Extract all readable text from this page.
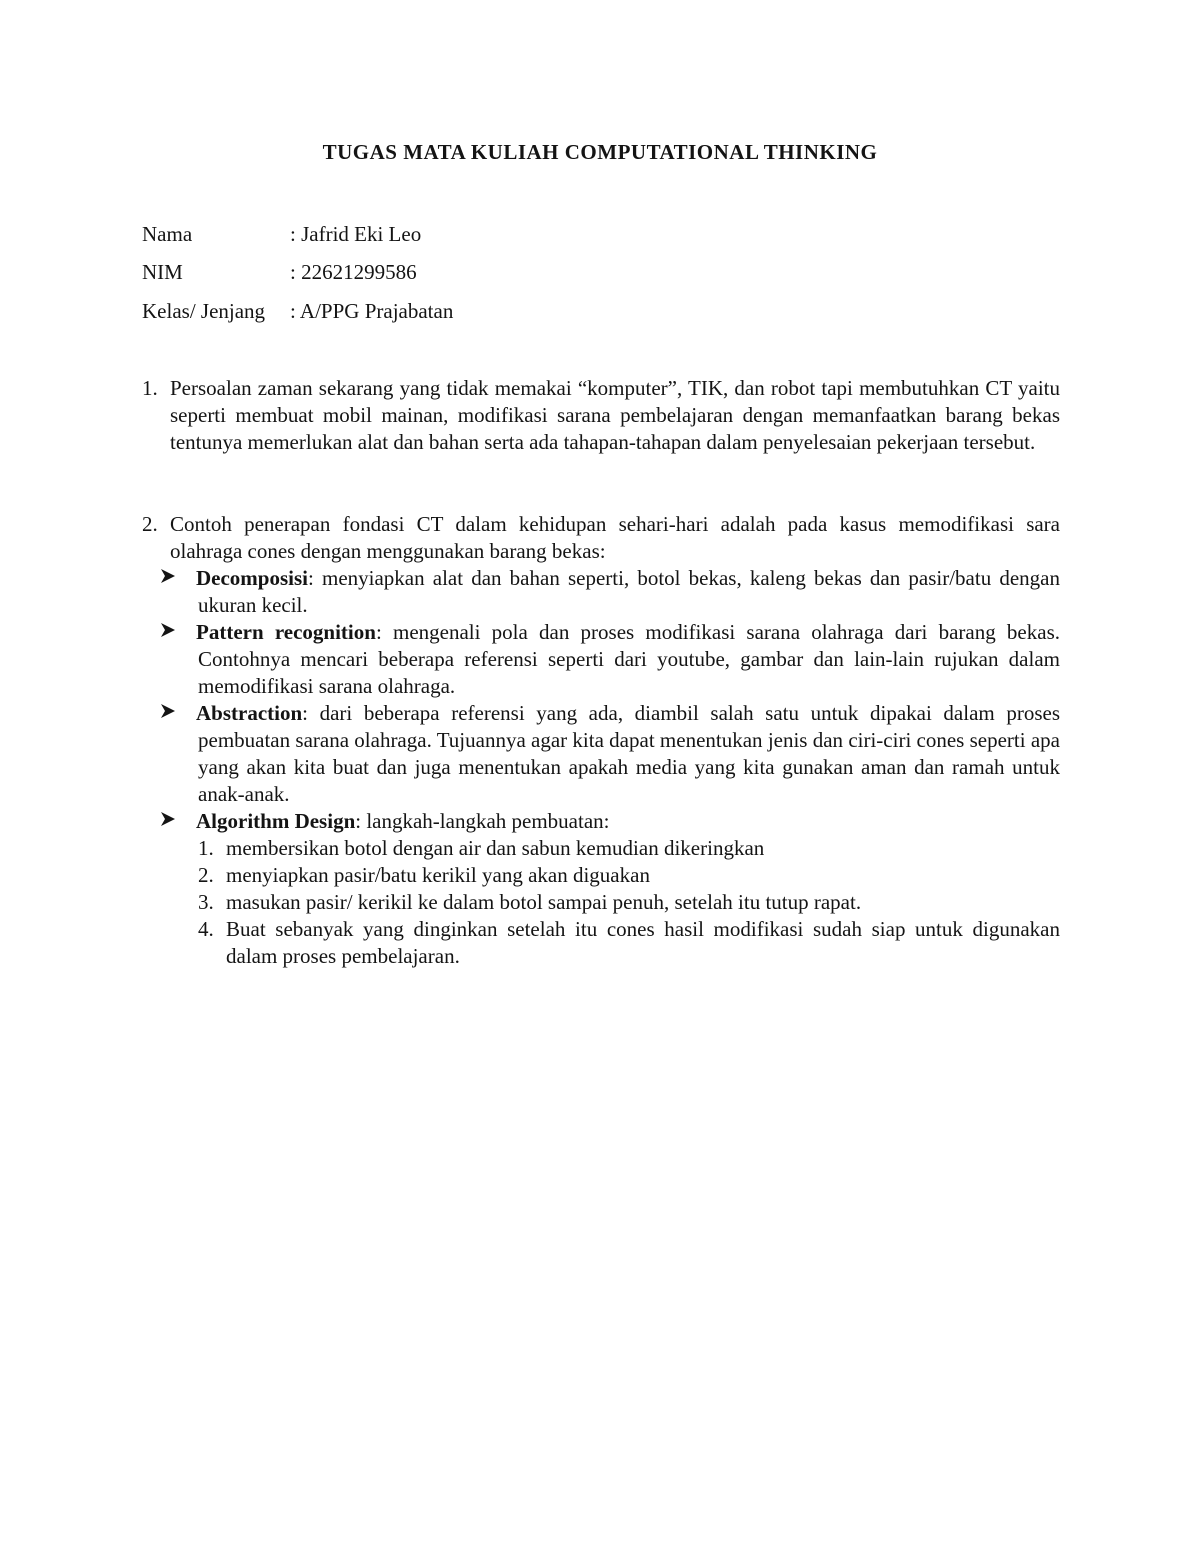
TUGAS MATA KULIAH COMPUTATIONAL THINKING
Nama	: Jafrid Eki Leo
NIM	: 22621299586
Kelas/ Jenjang : A/PPG Prajabatan
1. Persoalan zaman sekarang yang tidak memakai “komputer”, TIK, dan robot tapi membutuhkan CT yaitu seperti membuat mobil mainan, modifikasi sarana pembelajaran dengan memanfaatkan barang bekas tentunya memerlukan alat dan bahan serta ada tahapan-tahapan dalam penyelesaian pekerjaan tersebut.
2. Contoh penerapan fondasi CT dalam kehidupan sehari-hari adalah pada kasus memodifikasi sara olahraga cones dengan menggunakan barang bekas:
Decomposisi: menyiapkan alat dan bahan seperti, botol bekas, kaleng bekas dan pasir/batu dengan ukuran kecil.
Pattern recognition: mengenali pola dan proses modifikasi sarana olahraga dari barang bekas. Contohnya mencari beberapa referensi seperti dari youtube, gambar dan lain-lain rujukan dalam memodifikasi sarana olahraga.
Abstraction: dari beberapa referensi yang ada, diambil salah satu untuk dipakai dalam proses pembuatan sarana olahraga. Tujuannya agar kita dapat menentukan jenis dan ciri-ciri cones seperti apa yang akan kita buat dan juga menentukan apakah media yang kita gunakan aman dan ramah untuk anak-anak.
Algorithm Design: langkah-langkah pembuatan:
1. membersikan botol dengan air dan sabun kemudian dikeringkan
2. menyiapkan pasir/batu kerikil yang akan diguakan
3. masukan pasir/ kerikil ke dalam botol sampai penuh, setelah itu tutup rapat.
4. Buat sebanyak yang dinginkan setelah itu cones hasil modifikasi sudah siap untuk digunakan dalam proses pembelajaran.
